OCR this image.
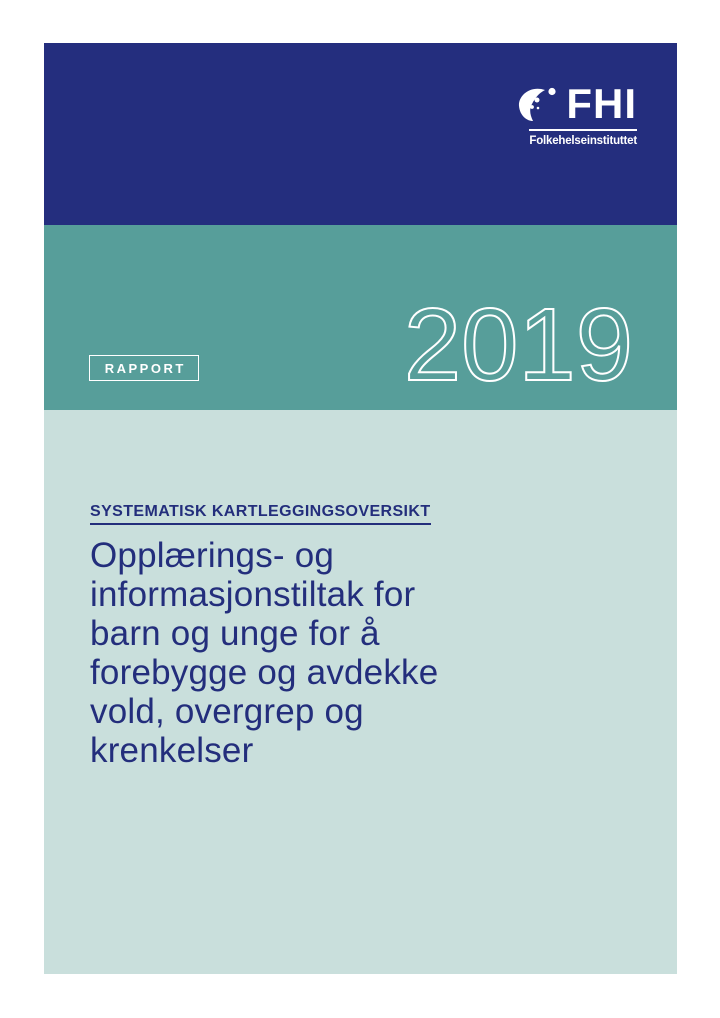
FHI
Folkehelseinstituttet
2019
RAPPORT
SYSTEMATISK KARTLEGGINGSOVERSIKT
Opplærings- og
informasjonstiltak for
barn og unge for å
forebygge og avdekke
vold, overgrep og
krenkelser
